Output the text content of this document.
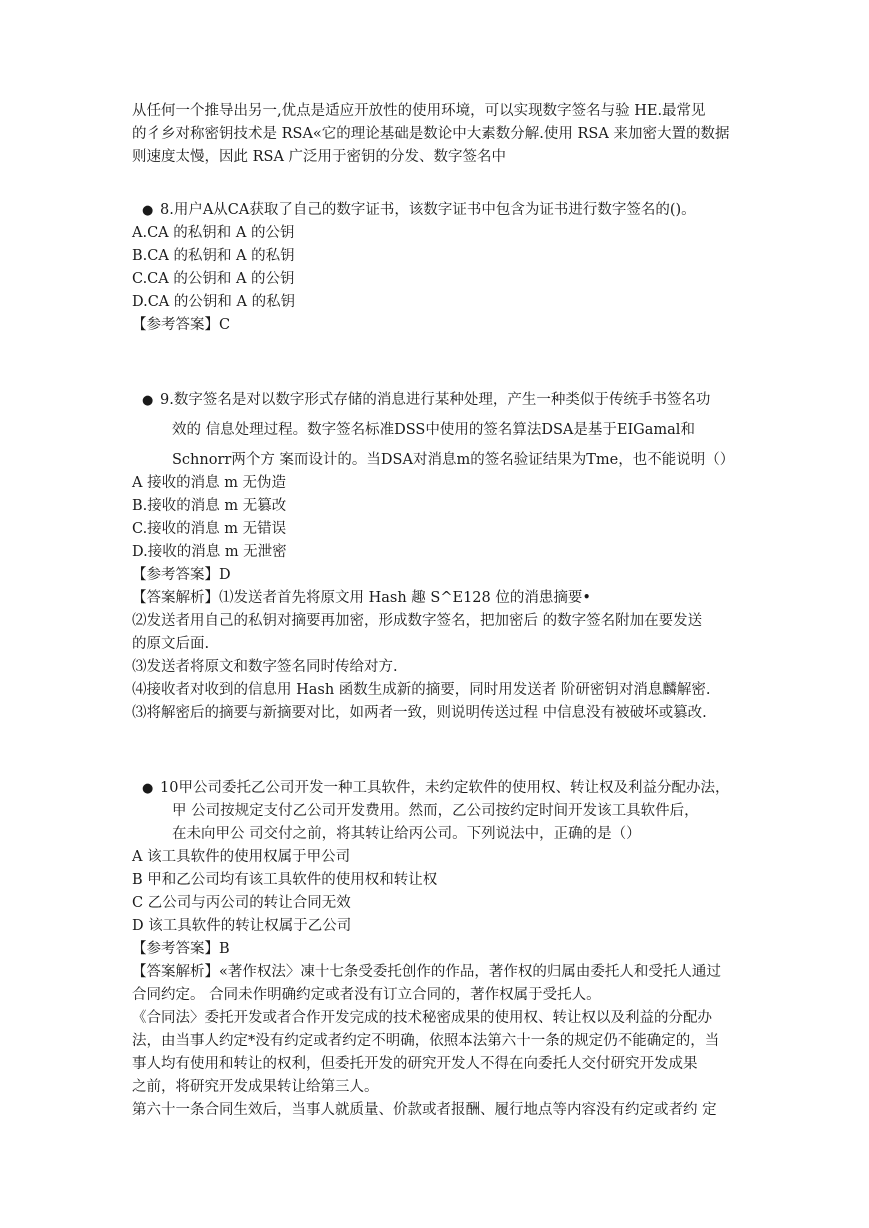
从任何一个推导出另一,优点是适应开放性的使用环境，可以实现数字签名与验 HE.最常见
的彳乡对称密钥技术是 RSA«它的理论基础是数论中大素数分解.使用 RSA 来加密大置的数据
则速度太慢，因此 RSA 广泛用于密钥的分发、数字签名中
● 8.用户A从CA获取了自己的数字证书，该数字证书中包含为证书进行数字签名的()。
A.CA 的私钥和 A 的公钥
B.CA 的私钥和 A 的私钥
C.CA 的公钥和 A 的公钥
D.CA 的公钥和 A 的私钥
【参考答案】C
● 9.数字签名是对以数字形式存储的消息进行某种处理，产生一种类似于传统手书签名功
效的 信息处理过程。数字签名标准DSS中使用的签名算法DSA是基于EIGamal和
Schnorr两个方 案而设计的。当DSA对消息m的签名验证结果为Tme，也不能说明（）
A 接收的消息 m 无伪造
B.接收的消息 m 无篡改
C.接收的消息 m 无错误
D.接收的消息 m 无泄密
【参考答案】D
【答案解析】⑴发送者首先将原文用 Hash 趣 S^E128 位的消患摘要•
⑵发送者用自己的私钥对摘要再加密，形成数字签名，把加密后 的数字签名附加在要发送
的原文后面.
⑶发送者将原文和数字签名同时传给对方.
⑷接收者对收到的信息用 Hash 函数生成新的摘要，同时用发送者 阶研密钥对消息麟解密.
⑶将解密后的摘要与新摘要对比，如两者一致，则说明传送过程 中信息没有被破坏或篡改.
● 10甲公司委托乙公司开发一种工具软件，未约定软件的使用权、转让权及利益分配办法，
甲 公司按规定支付乙公司开发费用。然而，乙公司按约定时间开发该工具软件后，
在未向甲公 司交付之前，将其转让给丙公司。下列说法中，正确的是（）
A 该工具软件的使用权属于甲公司
B 甲和乙公司均有该工具软件的使用权和转让权
C 乙公司与丙公司的转让合同无效
D 该工具软件的转让权属于乙公司
【参考答案】B
【答案解析】«著作权法〉凍十七条受委托创作的作品，著作权的归属由委托人和受托人通过
合同约定。 合同未作明确约定或者没有订立合同的，著作权属于受托人。
《合同法〉委托开发或者合作开发完成的技术秘密成果的使用权、转让权以及利益的分配办
法，由当事人约定*没有约定或者约定不明确，依照本法第六十一条的规定仍不能确定的，当
事人均有使用和转让的权利，但委托开发的研究开发人不得在向委托人交付研究开发成果
之前，将研究开发成果转让给第三人。
第六十一条合同生效后，当事人就质量、价款或者报酬、履行地点等内容没有约定或者约 定
